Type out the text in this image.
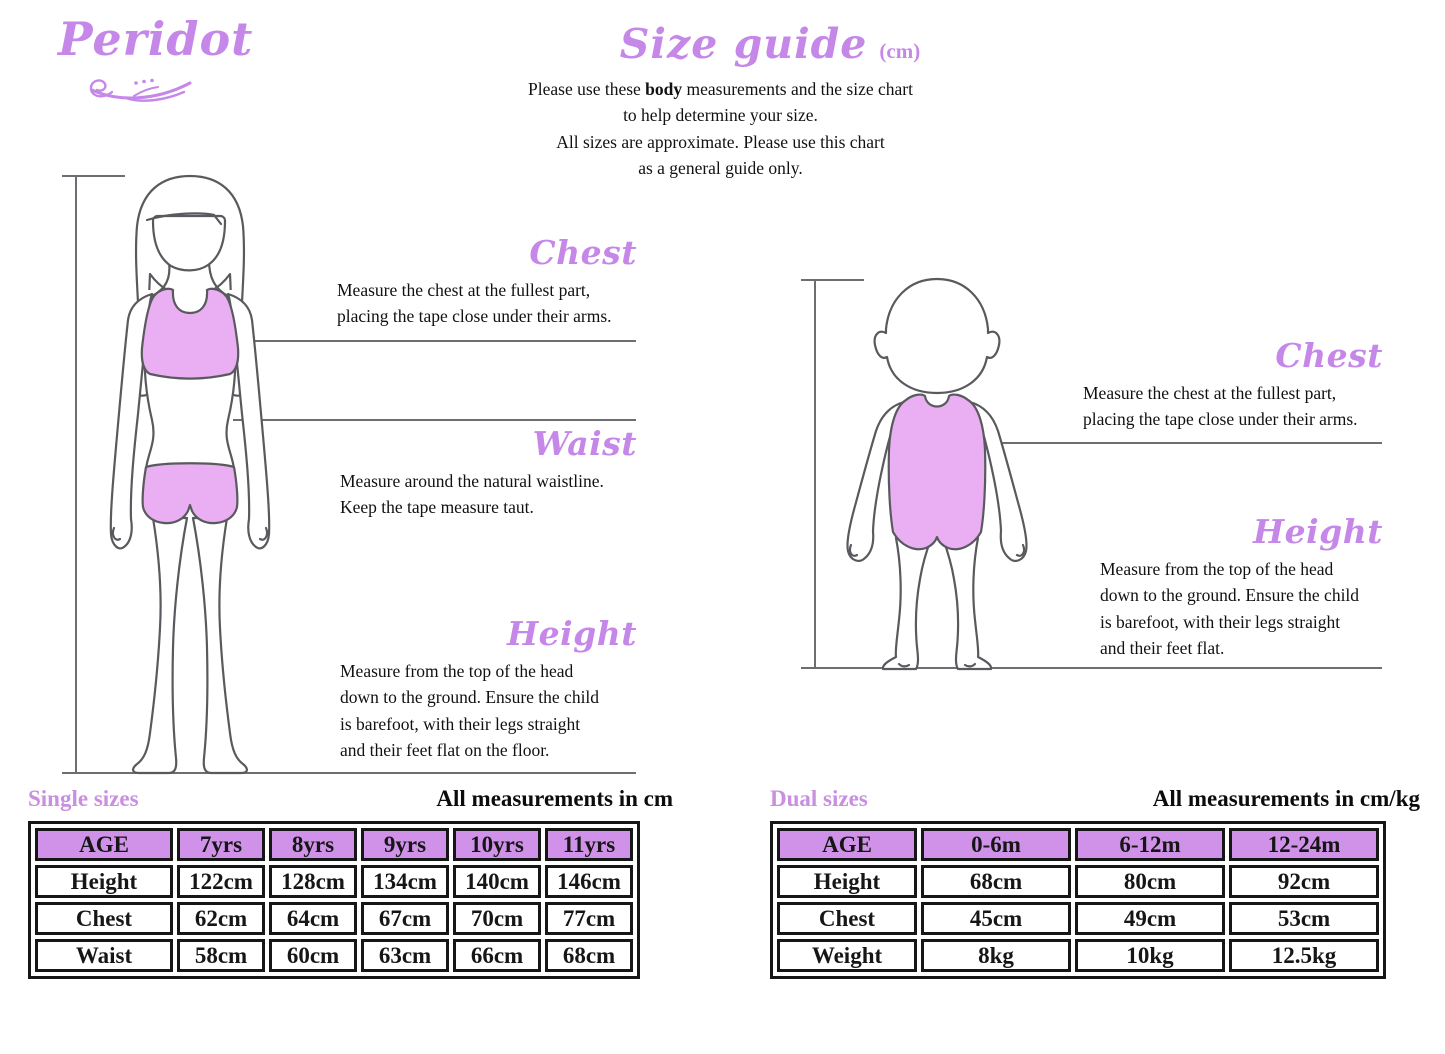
Peridot	Size guide (cm)
Please use these body measurements and the size chart
to help determine your size.
All sizes are approximate. Please use this chart
as a general guide only.
Chest

Measure the chest at the fullest part,
placing the tape close under their arms.

Waist

Measure around the natural waistline.
Keep the tape measure taut.

Height

Measure from the top of the head
down to the ground. Ensure the child
is barefoot, with their legs straight
and their feet flat on the floor.

Chest

Measure the chest at the fullest part,
placing the tape close under their arms.

Height

Measure from the top of the head
down to the ground. Ensure the child
is barefoot, with their legs straight
and their feet flat.

Single sizes	All measurements in cm
AGE	7yrs	8yrs	9yrs	10yrs	11yrs
Height	122cm	128cm	134cm	140cm	146cm
Chest	62cm	64cm	67cm	70cm	77cm
Waist	58cm	60cm	63cm	66cm	68cm
Dual sizes	All measurements in cm/kg
AGE	0-6m	6-12m	12-24m
Height	68cm	80cm	92cm
Chest	45cm	49cm	53cm
Weight	8kg	10kg	12.5kg
